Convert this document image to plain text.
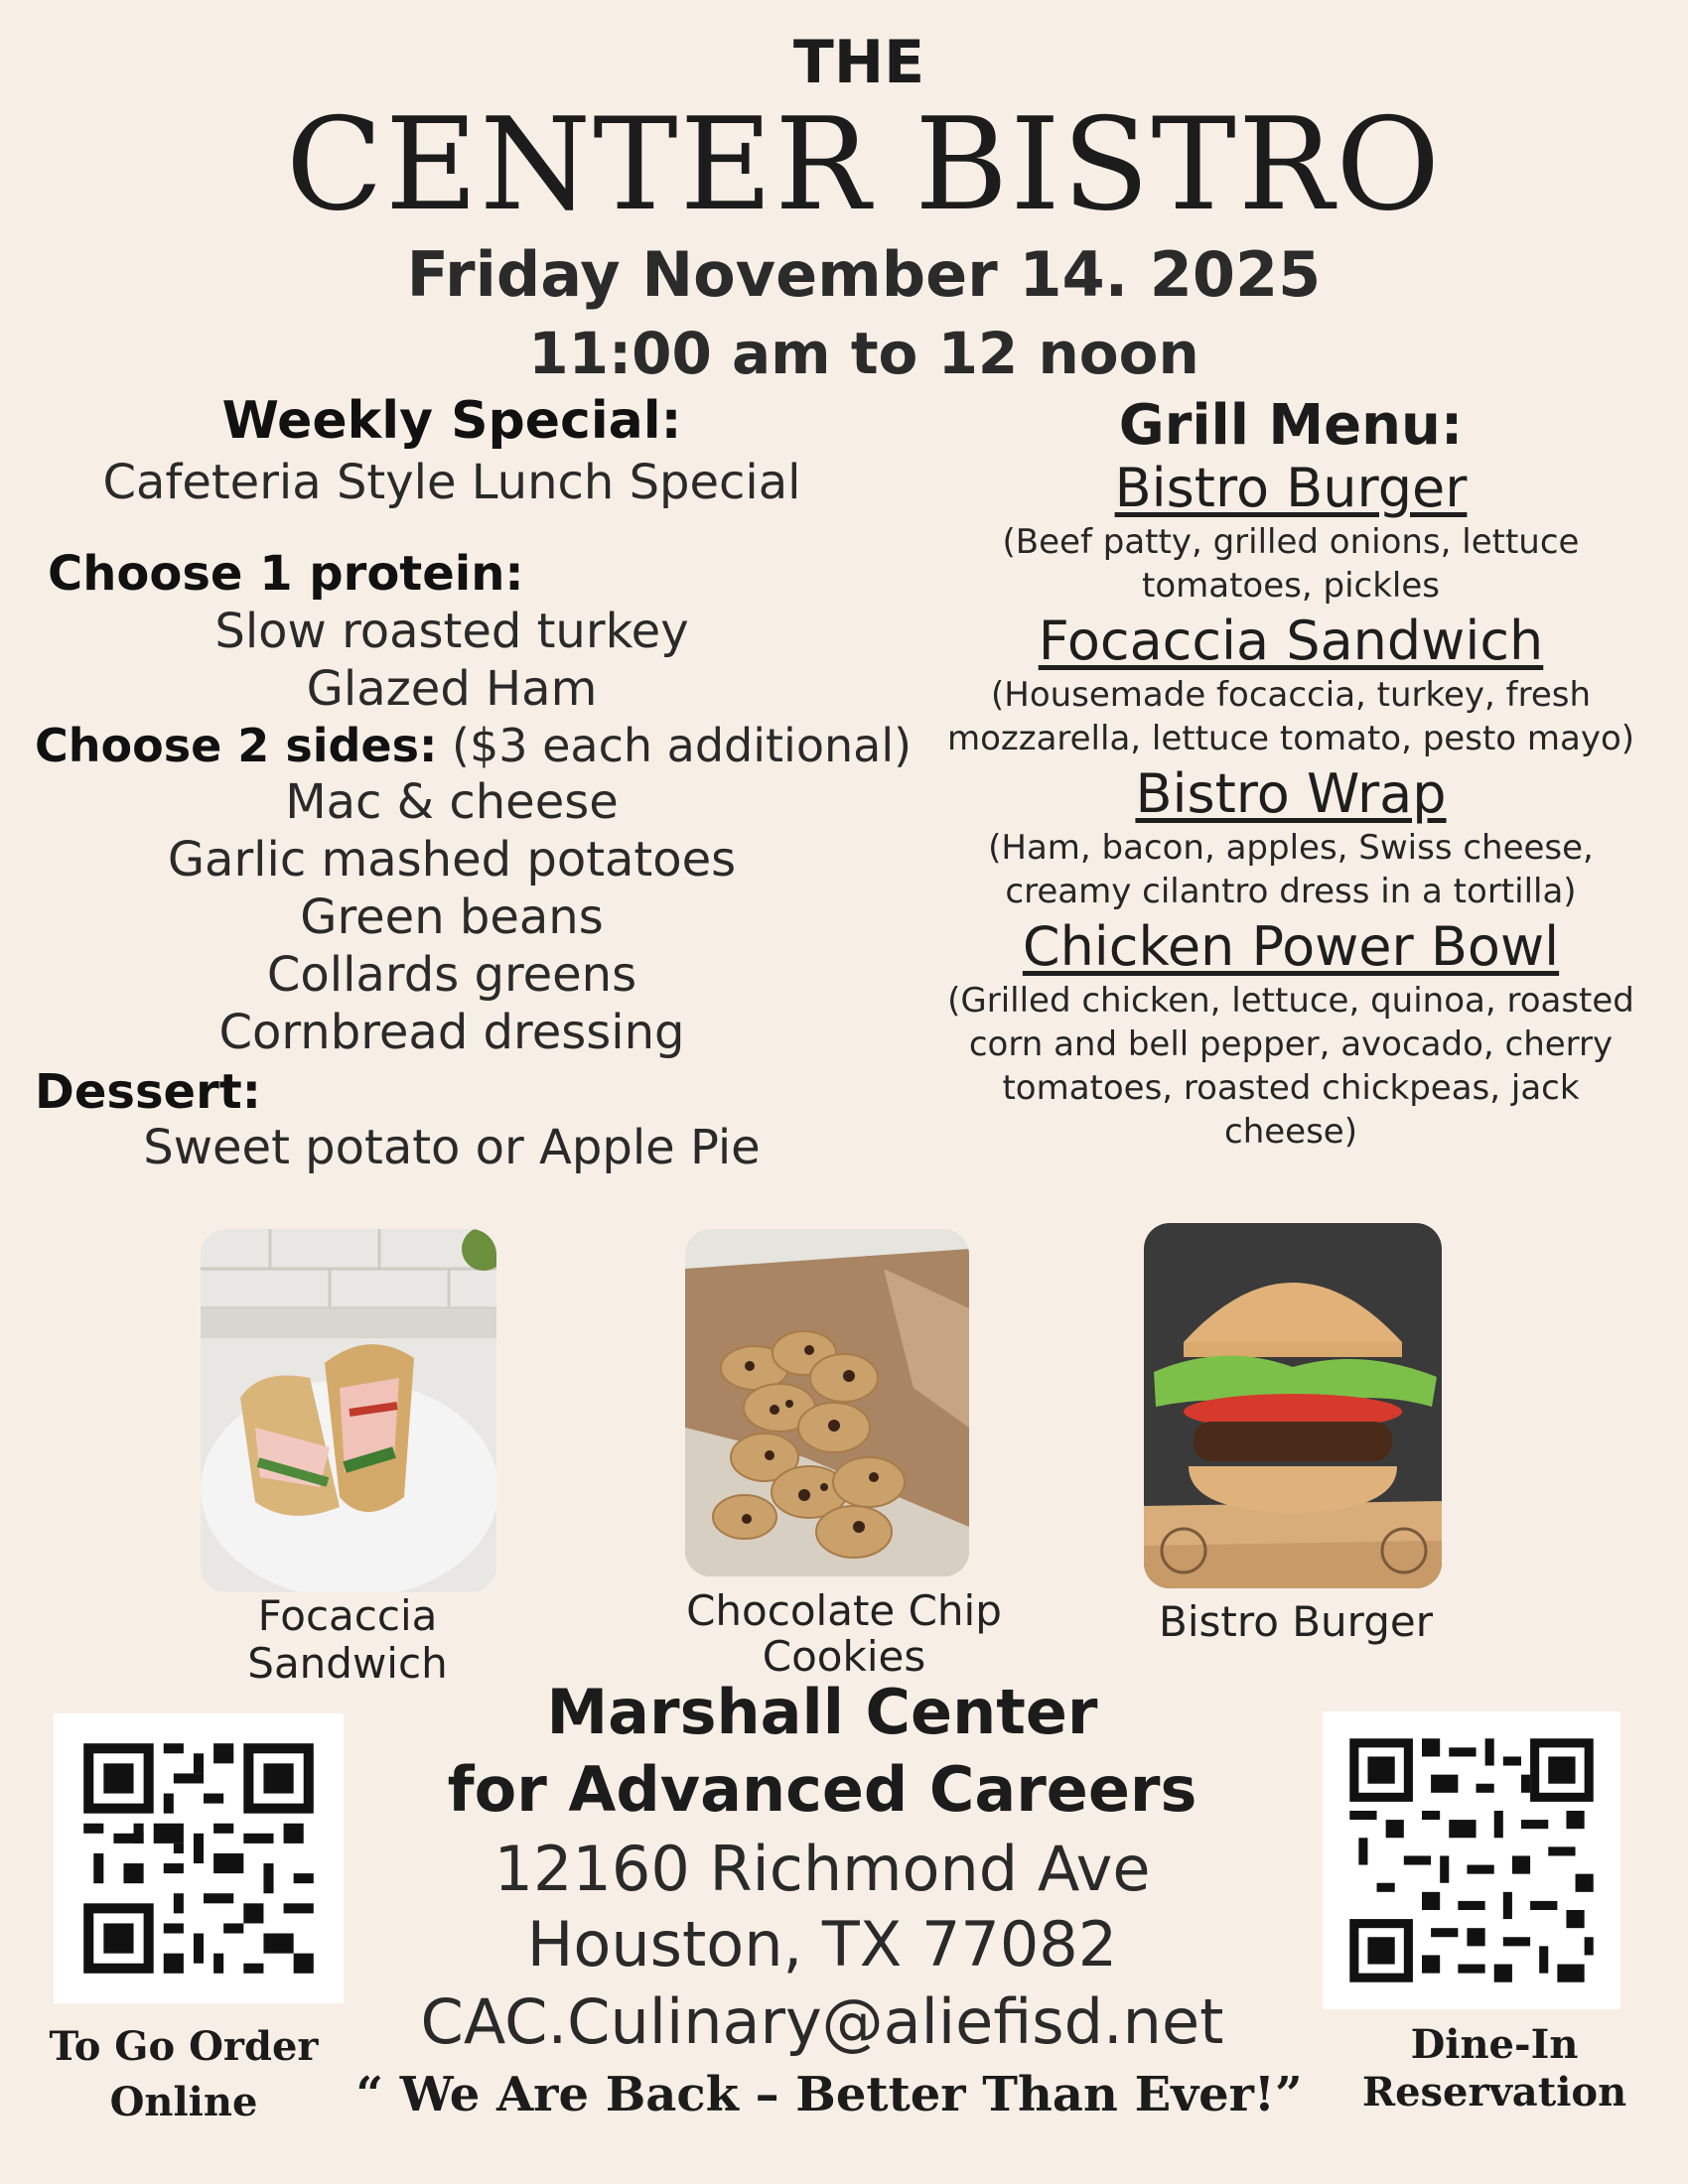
THE
CENTER BISTRO
Friday November 14. 2025
11:00 am to 12 noon
Weekly Special:
Cafeteria Style Lunch Special
Choose 1 protein:
Slow roasted turkey
Glazed Ham
Choose 2 sides: ($3 each additional)
Mac & cheese
Garlic mashed potatoes
Green beans
Collards greens
Cornbread dressing
Dessert:
Sweet potato or Apple Pie
Grill Menu:
Bistro Burger
(Beef patty, grilled onions, lettuce
tomatoes, pickles
Focaccia Sandwich
(Housemade focaccia, turkey, fresh
mozzarella, lettuce tomato, pesto mayo)
Bistro Wrap
(Ham, bacon, apples, Swiss cheese,
creamy cilantro dress in a tortilla)
Chicken Power Bowl
(Grilled chicken, lettuce, quinoa, roasted
corn and bell pepper, avocado, cherry
tomatoes, roasted chickpeas, jack
cheese)
Focaccia
Sandwich
Chocolate Chip
Cookies
Bistro Burger
To Go Order
Online
Dine-In
Reservation
Marshall Center
for Advanced Careers
12160 Richmond Ave
Houston, TX 77082
CAC.Culinary@aliefisd.net
“ We Are Back – Better Than Ever!”
